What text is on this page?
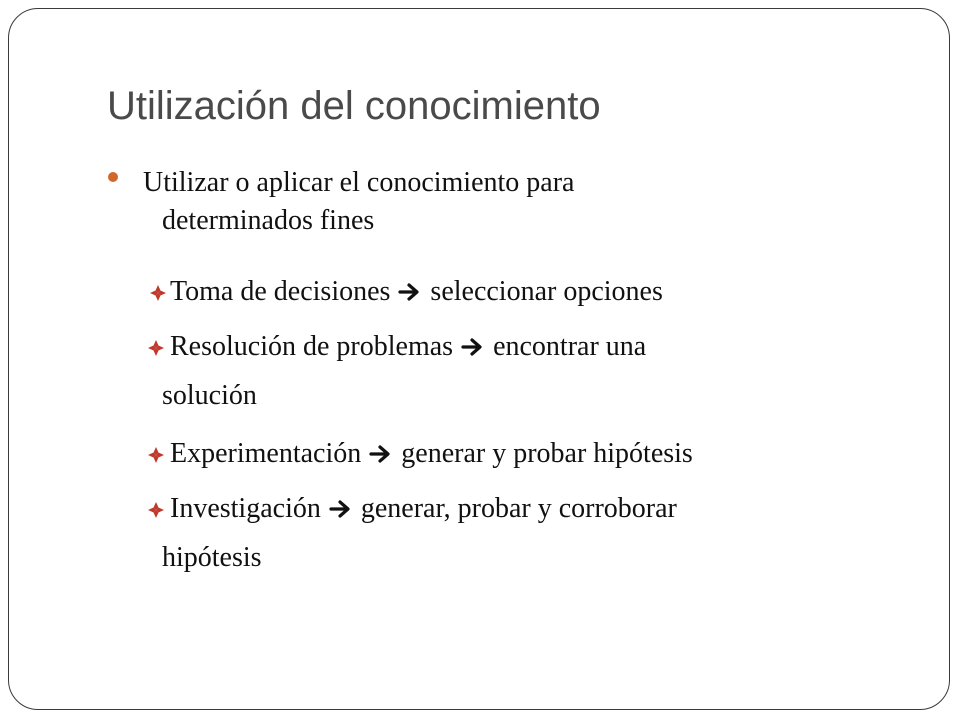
Utilización del conocimiento
Utilizar o aplicar el conocimiento para
determinados fines
Toma de decisiones seleccionar opciones
Resolución de problemas encontrar una
solución
Experimentación generar y probar hipótesis
Investigación generar, probar y corroborar
hipótesis
